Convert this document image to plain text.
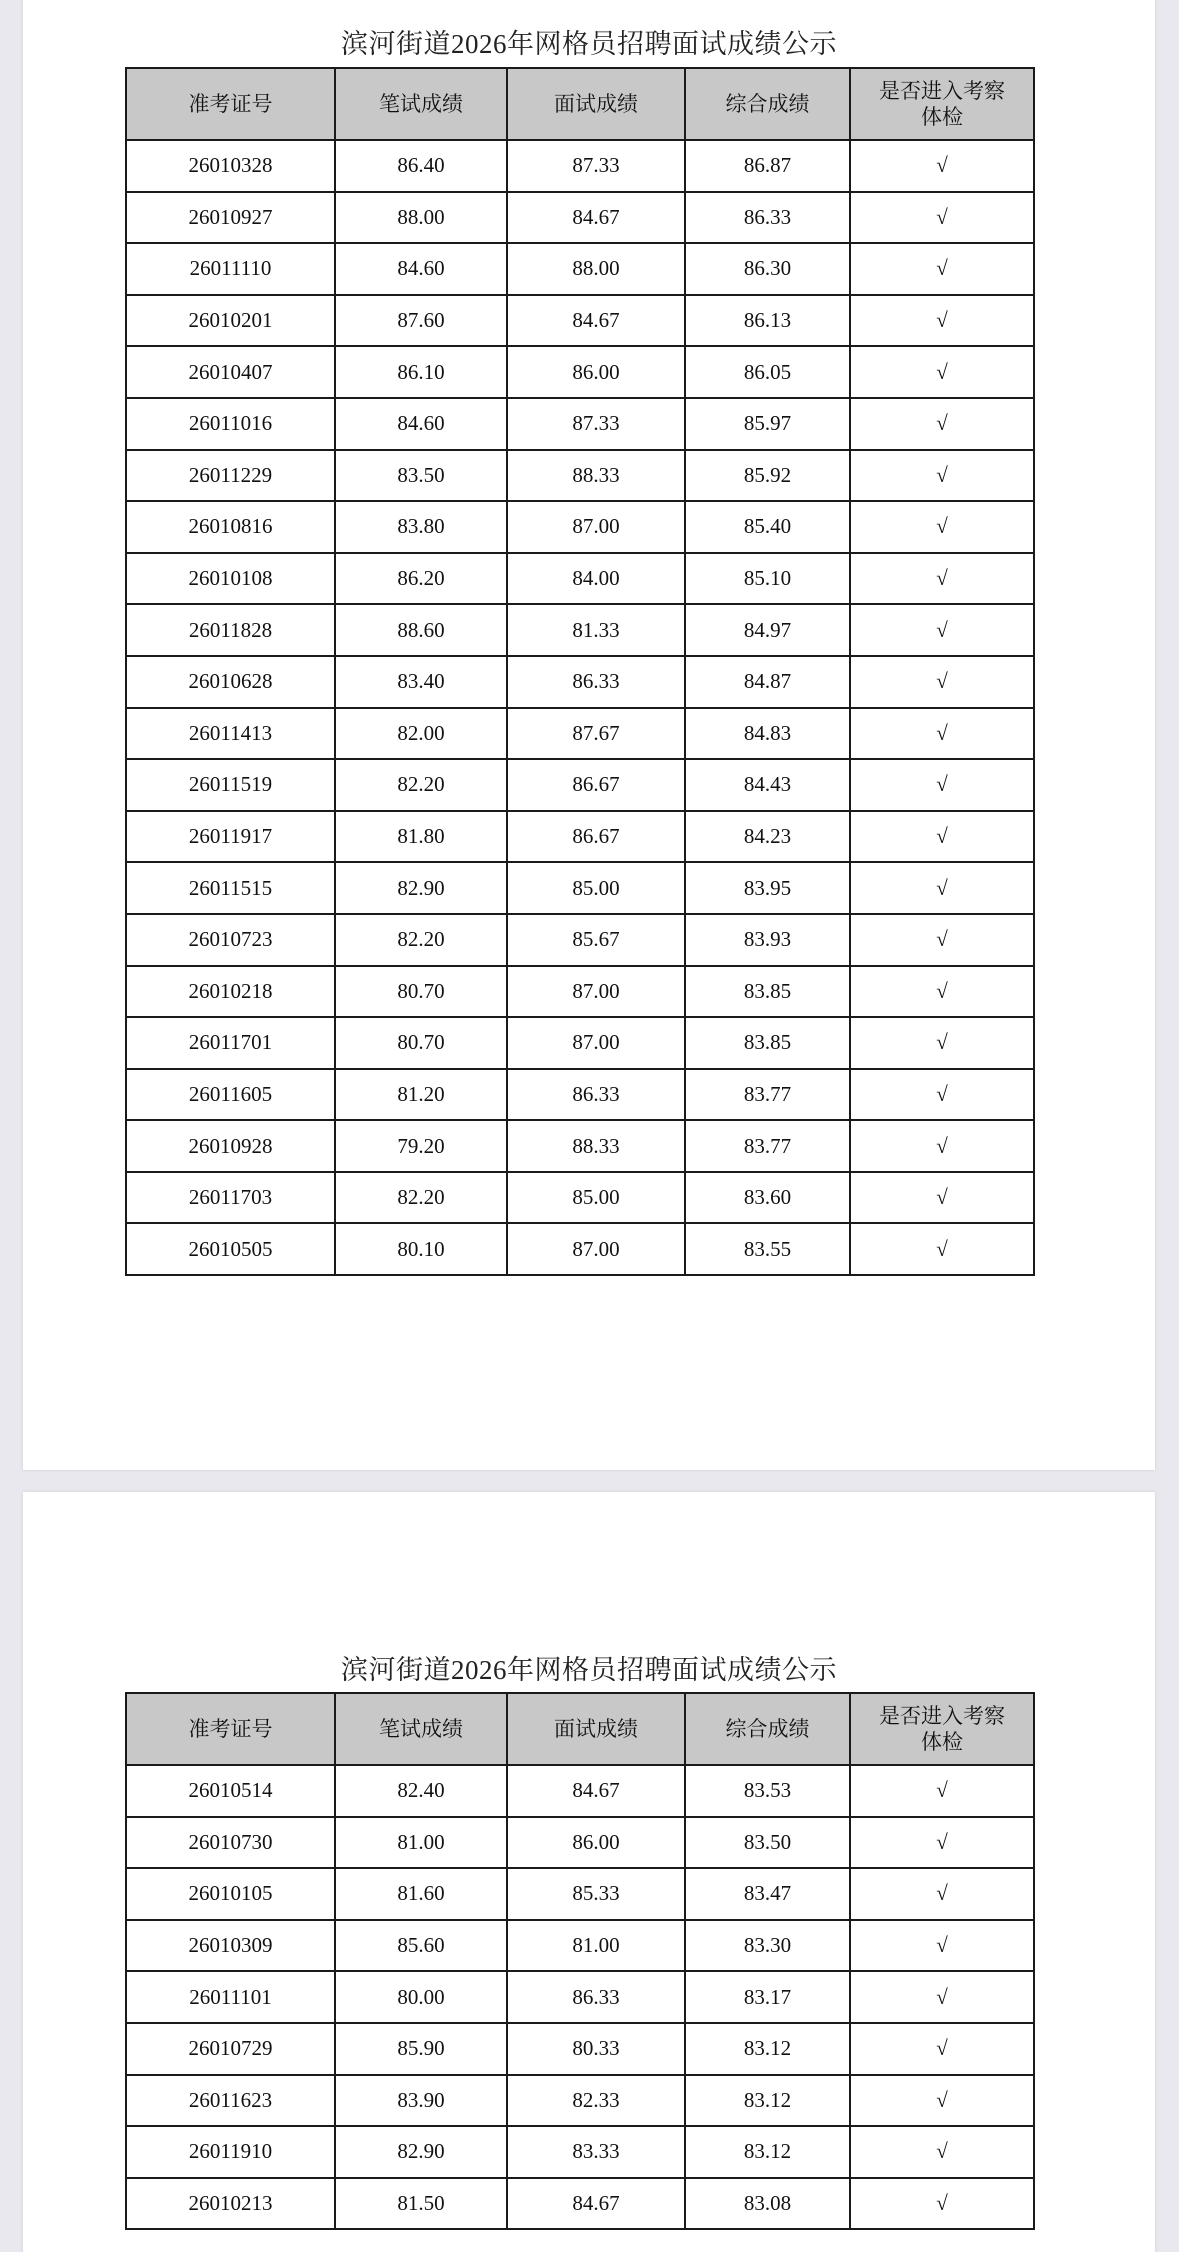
滨河街道2026年网格员招聘面试成绩公示
准考证号	笔试成绩	面试成绩	综合成绩	是否进入考察
体检
26010328	86.40	87.33	86.87	√
26010927	88.00	84.67	86.33	√
26011110	84.60	88.00	86.30	√
26010201	87.60	84.67	86.13	√
26010407	86.10	86.00	86.05	√
26011016	84.60	87.33	85.97	√
26011229	83.50	88.33	85.92	√
26010816	83.80	87.00	85.40	√
26010108	86.20	84.00	85.10	√
26011828	88.60	81.33	84.97	√
26010628	83.40	86.33	84.87	√
26011413	82.00	87.67	84.83	√
26011519	82.20	86.67	84.43	√
26011917	81.80	86.67	84.23	√
26011515	82.90	85.00	83.95	√
26010723	82.20	85.67	83.93	√
26010218	80.70	87.00	83.85	√
26011701	80.70	87.00	83.85	√
26011605	81.20	86.33	83.77	√
26010928	79.20	88.33	83.77	√
26011703	82.20	85.00	83.60	√
26010505	80.10	87.00	83.55	√
滨河街道2026年网格员招聘面试成绩公示
准考证号	笔试成绩	面试成绩	综合成绩	是否进入考察
体检
26010514	82.40	84.67	83.53	√
26010730	81.00	86.00	83.50	√
26010105	81.60	85.33	83.47	√
26010309	85.60	81.00	83.30	√
26011101	80.00	86.33	83.17	√
26010729	85.90	80.33	83.12	√
26011623	83.90	82.33	83.12	√
26011910	82.90	83.33	83.12	√
26010213	81.50	84.67	83.08	√
